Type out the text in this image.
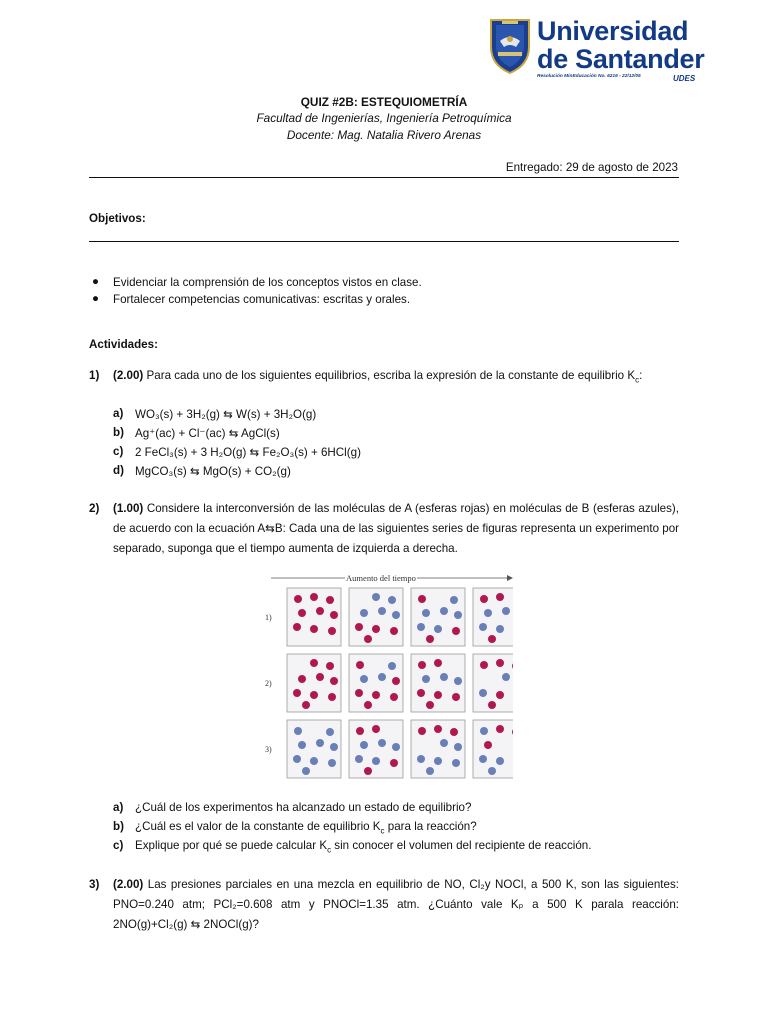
Universidad
de Santander
Resolución MinEducación No. 6216 - 22/12/05	UDES
QUIZ #2B: ESTEQUIOMETRÍA
Facultad de Ingenierías, Ingeniería Petroquímica
Docente: Mag. Natalia Rivero Arenas
Entregado: 29 de agosto de 2023
Objetivos:
● Evidenciar la comprensión de los conceptos vistos en clase.
● Fortalecer competencias comunicativas: escritas y orales.
Actividades:
1) (2.00) Para cada uno de los siguientes equilibrios, escriba la expresión de la constante de equilibrio $K_c$:
a) WO₃(s) + 3H₂(g) ⇆ W(s) + 3H₂O(g)
b) Ag⁺(ac) + Cl⁻(ac) ⇆ AgCl(s)
c) 2 FeCl₃(s) + 3 H₂O(g) ⇆ Fe₂O₃(s) + 6HCl(g)
d) MgCO₃(s) ⇆ MgO(s) + CO₂(g)
2) (1.00) Considere la interconversión de las moléculas de A (esferas rojas) en moléculas de B (esferas azules), de acuerdo con la ecuación A⇆B: Cada una de las siguientes series de figuras representa un experimento por separado, suponga que el tiempo aumenta de izquierda a derecha.
Aumento del tiempo
1)
2)
3)
a) ¿Cuál de los experimentos ha alcanzado un estado de equilibrio?
b) ¿Cuál es el valor de la constante de equilibrio $K_c$ para la reacción?
c) Explique por qué se puede calcular $K_c$ sin conocer el volumen del recipiente de reacción.
3) (2.00) Las presiones parciales en una mezcla en equilibrio de NO, Cl₂y NOCl, a 500 K, son las siguientes: PNO=0.240 atm; PCl₂=0.608 atm y PNOCl=1.35 atm. ¿Cuánto vale Kₚ a 500 K parala reacción: 2NO(g)+Cl₂(g) ⇆ 2NOCl(g)?
